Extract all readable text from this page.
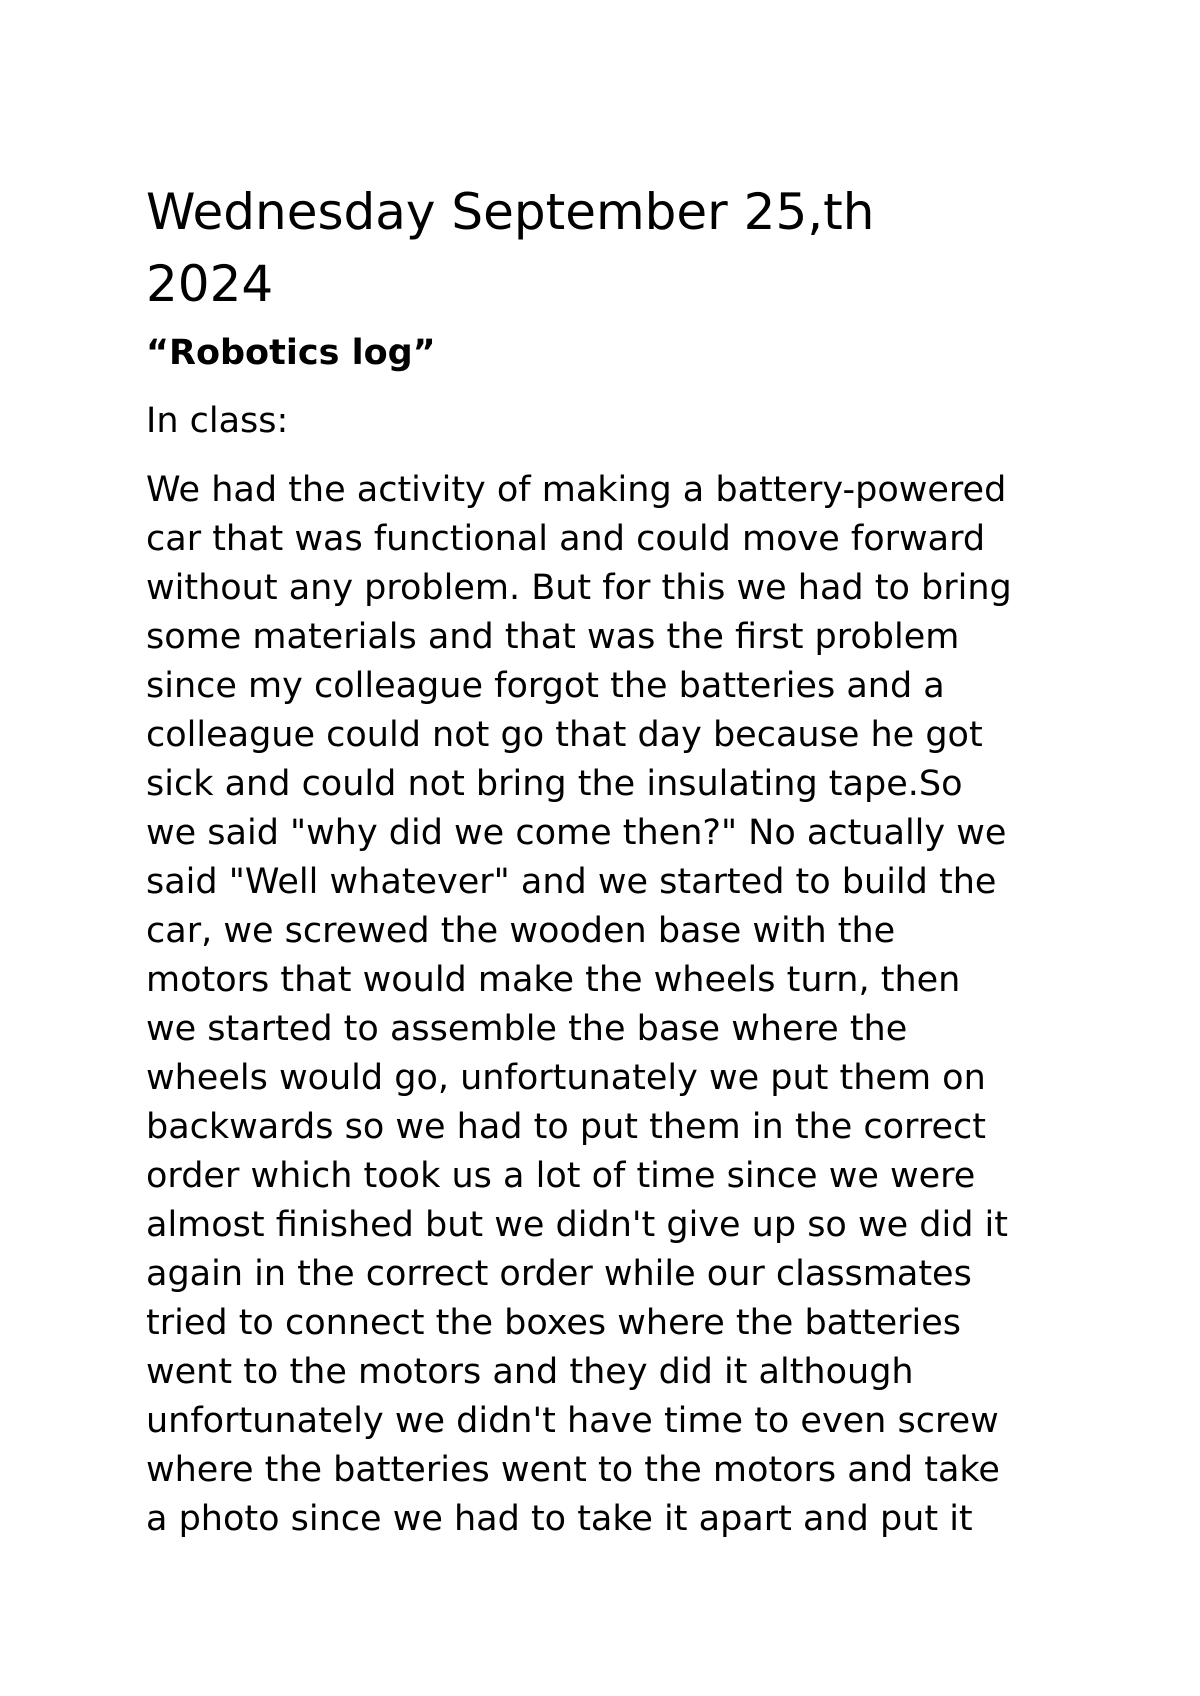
Wednesday September 25,th
2024
“Robotics log”

In class:

We had the activity of making a battery-powered
car that was functional and could move forward
without any problem. But for this we had to bring
some materials and that was the first problem
since my colleague forgot the batteries and a
colleague could not go that day because he got
sick and could not bring the insulating tape.So
we said "why did we come then?" No actually we
said "Well whatever" and we started to build the
car, we screwed the wooden base with the
motors that would make the wheels turn, then
we started to assemble the base where the
wheels would go, unfortunately we put them on
backwards so we had to put them in the correct
order which took us a lot of time since we were
almost finished but we didn't give up so we did it
again in the correct order while our classmates
tried to connect the boxes where the batteries
went to the motors and they did it although
unfortunately we didn't have time to even screw
where the batteries went to the motors and take
a photo since we had to take it apart and put it
